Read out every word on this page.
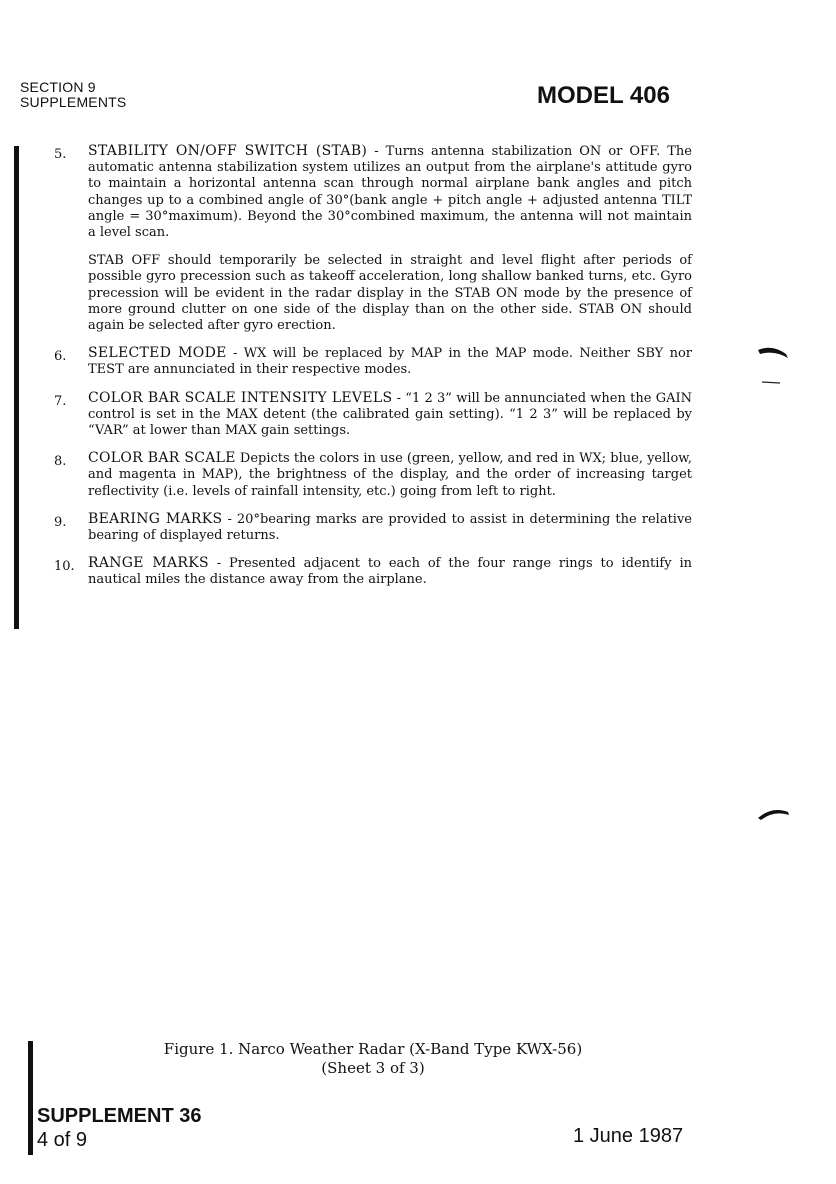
SECTION 9
SUPPLEMENTS	MODEL 406
5. STABILITY ON/OFF SWITCH (STAB) - Turns antenna stabilization ON or OFF. The automatic antenna stabilization system utilizes an output from the airplane's attitude gyro to maintain a horizontal antenna scan through normal airplane bank angles and pitch changes up to a combined angle of 30°(bank angle + pitch angle + adjusted antenna TILT angle = 30°maximum). Beyond the 30°combined maximum, the antenna will not maintain a level scan.

STAB OFF should temporarily be selected in straight and level flight after periods of possible gyro precession such as takeoff acceleration, long shallow banked turns, etc. Gyro precession will be evident in the radar display in the STAB ON mode by the presence of more ground clutter on one side of the display than on the other side. STAB ON should again be selected after gyro erection.

6. SELECTED MODE - WX will be replaced by MAP in the MAP mode. Neither SBY nor TEST are annunciated in their respective modes.

7. COLOR BAR SCALE INTENSITY LEVELS - “1 2 3” will be annunciated when the GAIN control is set in the MAX detent (the calibrated gain setting). “1 2 3” will be replaced by “VAR” at lower than MAX gain settings.

8. COLOR BAR SCALE Depicts the colors in use (green, yellow, and red in WX; blue, yellow, and magenta in MAP), the brightness of the display, and the order of increasing target reflectivity (i.e. levels of rainfall intensity, etc.) going from left to right.

9. BEARING MARKS - 20°bearing marks are provided to assist in determining the relative bearing of displayed returns.

10. RANGE MARKS - Presented adjacent to each of the four range rings to identify in nautical miles the distance away from the airplane.

Figure 1. Narco Weather Radar (X-Band Type KWX-56)
(Sheet 3 of 3)
SUPPLEMENT 36
4 of 9	1 June 1987
